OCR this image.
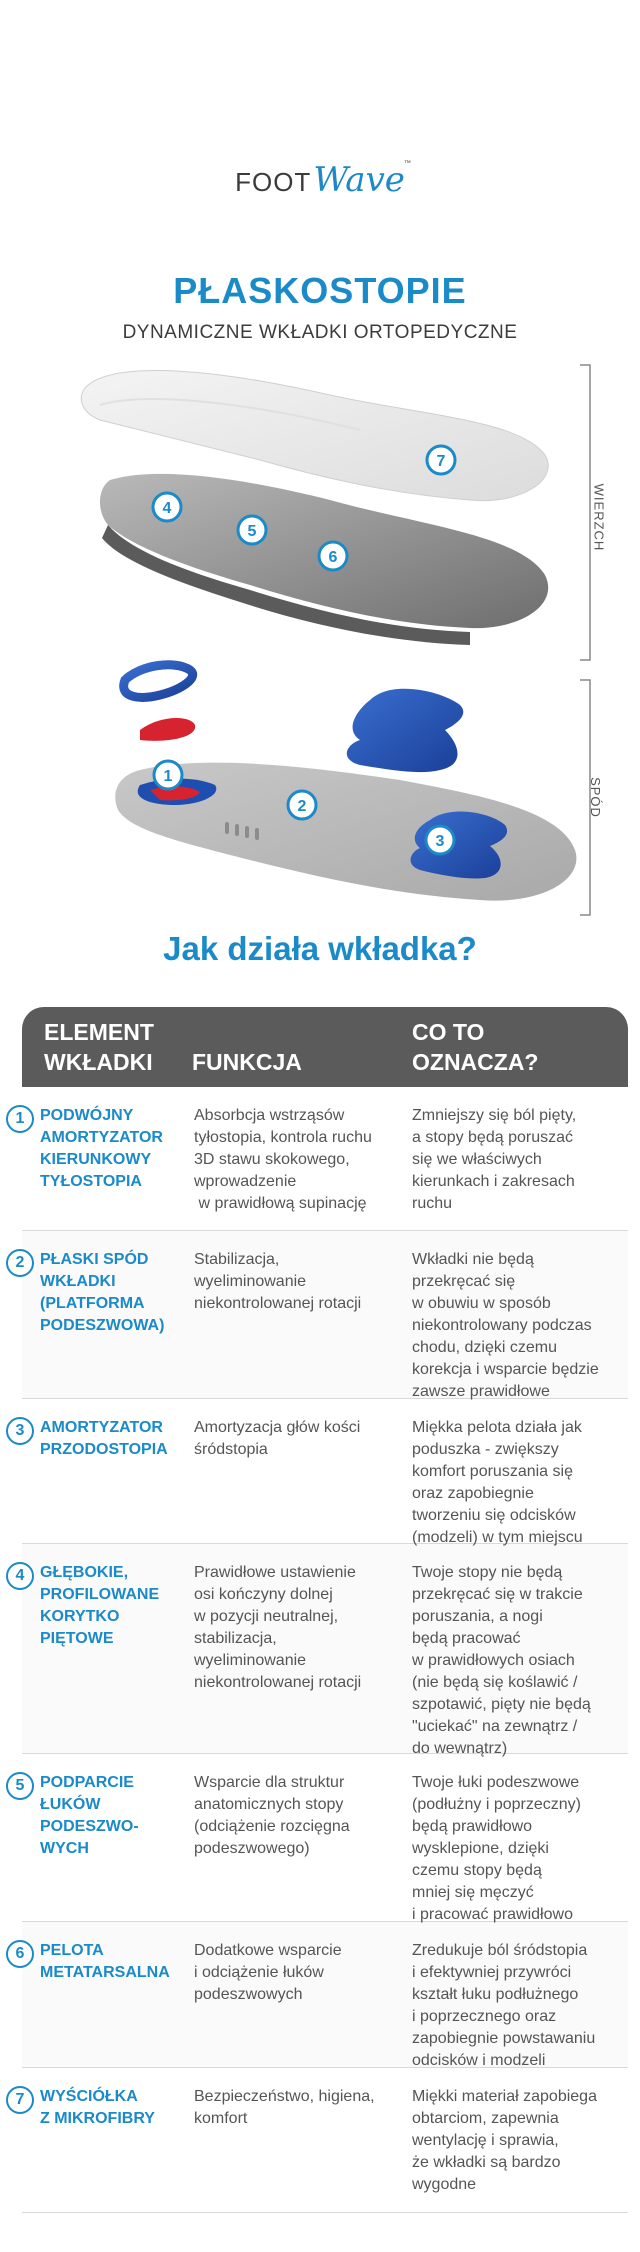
FOOT Wave ™
PŁASKOSTOPIE
DYNAMICZNE WKŁADKI ORTOPEDYCZNE
7
4
5
6
1
2
3
WIERZCH
SPÓD
Jak działa wkładka?
ELEMENT
WKŁADKI	FUNKCJA
CO TO
OZNACZA?
1 PODWÓJNY
AMORTYZATOR
KIERUNKOWY
TYŁOSTOPIA
Absorbcja wstrząsów
tyłostopia, kontrola ruchu
3D stawu skokowego,
wprowadzenie
w prawidłową supinację
Zmniejszy się ból pięty,
a stopy będą poruszać
się we właściwych
kierunkach i zakresach
ruchu
2 PŁASKI SPÓD
WKŁADKI
(PLATFORMA
PODESZWOWA)
Stabilizacja,
wyeliminowanie
niekontrolowanej rotacji
Wkładki nie będą
przekręcać się
w obuwiu w sposób
niekontrolowany podczas
chodu, dzięki czemu
korekcja i wsparcie będzie
zawsze prawidłowe
3 AMORTYZATOR
PRZODOSTOPIA
Amortyzacja głów kości
śródstopia
Miękka pelota działa jak
poduszka - zwiększy
komfort poruszania się
oraz zapobiegnie
tworzeniu się odcisków
(modzeli) w tym miejscu
4 GŁĘBOKIE,
PROFILOWANE
KORYTKO
PIĘTOWE
Prawidłowe ustawienie
osi kończyny dolnej
w pozycji neutralnej,
stabilizacja,
wyeliminowanie
niekontrolowanej rotacji
Twoje stopy nie będą
przekręcać się w trakcie
poruszania, a nogi
będą pracować
w prawidłowych osiach
(nie będą się koślawić /
szpotawić, pięty nie będą
"uciekać" na zewnątrz /
do wewnątrz)
5 PODPARCIE
ŁUKÓW
PODESZWO-
WYCH
Wsparcie dla struktur
anatomicznych stopy
(odciążenie rozcięgna
podeszwowego)
Twoje łuki podeszwowe
(podłużny i poprzeczny)
będą prawidłowo
wysklepione, dzięki
czemu stopy będą
mniej się męczyć
i pracować prawidłowo
6 PELOTA
METATARSALNA
Dodatkowe wsparcie
i odciążenie łuków
podeszwowych
Zredukuje ból śródstopia
i efektywniej przywróci
kształt łuku podłużnego
i poprzecznego oraz
zapobiegnie powstawaniu
odcisków i modzeli
7 WYŚCIÓŁKA
Z MIKROFIBRY
Bezpieczeństwo, higiena,
komfort
Miękki materiał zapobiega
obtarciom, zapewnia
wentylację i sprawia,
że wkładki są bardzo
wygodne
